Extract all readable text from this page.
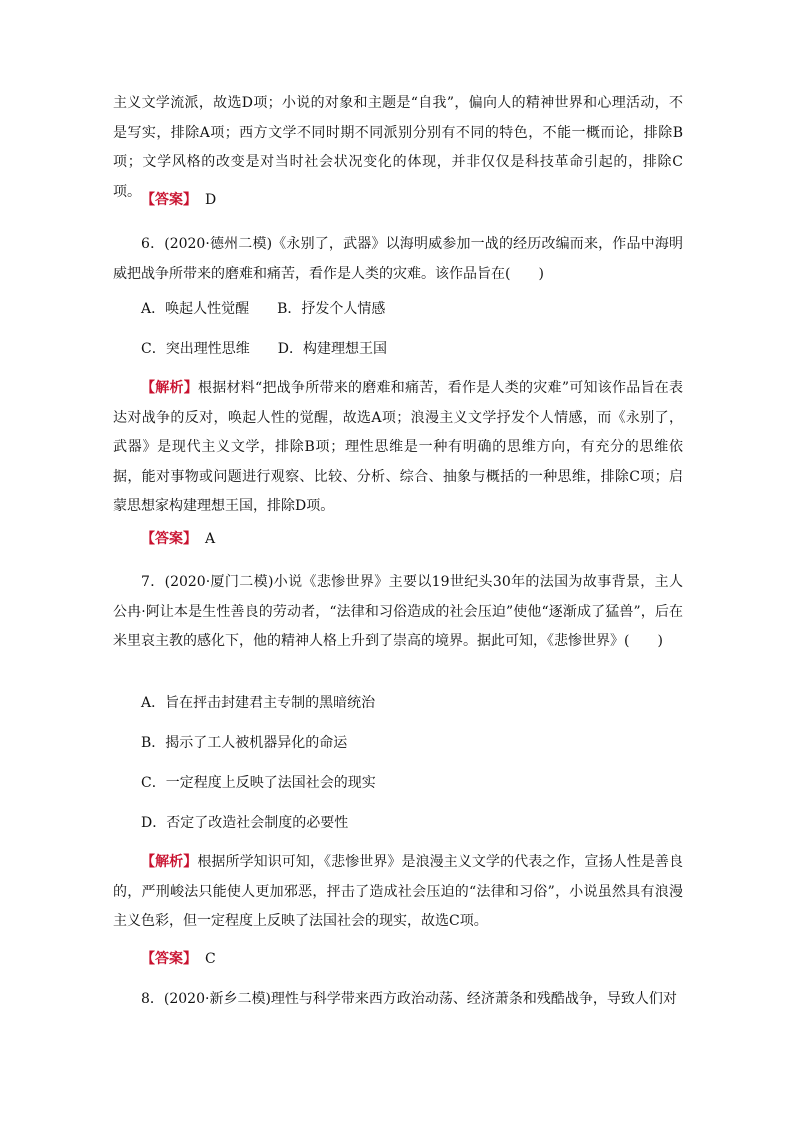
主义文学流派，故选D项；小说的对象和主题是“自我”，偏向人的精神世界和心理活动，不是写实，排除A项；西方文学不同时期不同派别分别有不同的特色，不能一概而论，排除B项；文学风格的改变是对当时社会状况变化的体现，并非仅仅是科技革命引起的，排除C项。

【答案】 D

6．(2020·德州二模)《永别了，武器》以海明威参加一战的经历改编而来，作品中海明威把战争所带来的磨难和痛苦，看作是人类的灾难。该作品旨在(　　)

A．唤起人性觉醒 B．抒发个人情感

C．突出理性思维 D．构建理想王国

【解析】根据材料“把战争所带来的磨难和痛苦，看作是人类的灾难”可知该作品旨在表达对战争的反对，唤起人性的觉醒，故选A项；浪漫主义文学抒发个人情感，而《永别了，武器》是现代主义文学，排除B项；理性思维是一种有明确的思维方向，有充分的思维依据，能对事物或问题进行观察、比较、分析、综合、抽象与概括的一种思维，排除C项；启蒙思想家构建理想王国，排除D项。

【答案】 A

7．(2020·厦门二模)小说《悲惨世界》主要以19世纪头30年的法国为故事背景，主人公冉·阿让本是生性善良的劳动者，“法律和习俗造成的社会压迫”使他“逐渐成了猛兽”，后在米里哀主教的感化下，他的精神人格上升到了崇高的境界。据此可知，《悲惨世界》(　　)

A．旨在抨击封建君主专制的黑暗统治

B．揭示了工人被机器异化的命运

C．一定程度上反映了法国社会的现实

D．否定了改造社会制度的必要性

【解析】根据所学知识可知，《悲惨世界》是浪漫主义文学的代表之作，宣扬人性是善良的，严刑峻法只能使人更加邪恶，抨击了造成社会压迫的“法律和习俗”，小说虽然具有浪漫主义色彩，但一定程度上反映了法国社会的现实，故选C项。

【答案】 C

8．(2020·新乡二模)理性与科学带来西方政治动荡、经济萧条和残酷战争，导致人们对
